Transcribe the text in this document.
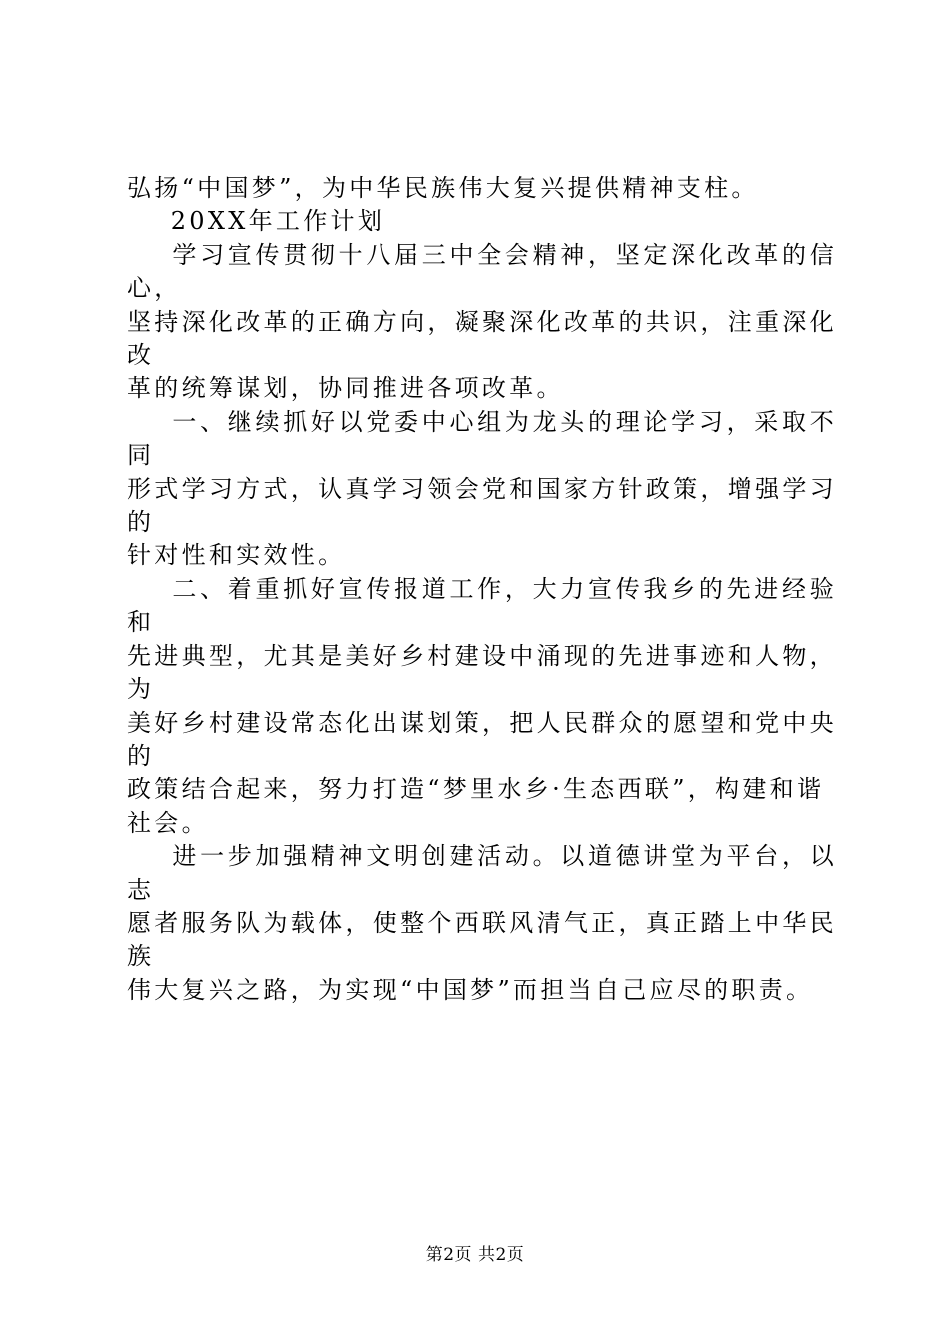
弘扬“中国梦”，为中华民族伟大复兴提供精神支柱。

20XX年工作计划

学习宣传贯彻十八届三中全会精神，坚定深化改革的信心，

坚持深化改革的正确方向，凝聚深化改革的共识，注重深化改

革的统筹谋划，协同推进各项改革。

一、继续抓好以党委中心组为龙头的理论学习，采取不同

形式学习方式，认真学习领会党和国家方针政策，增强学习的

针对性和实效性。

二、着重抓好宣传报道工作，大力宣传我乡的先进经验和

先进典型，尤其是美好乡村建设中涌现的先进事迹和人物，为

美好乡村建设常态化出谋划策，把人民群众的愿望和党中央的

政策结合起来，努力打造“梦里水乡·生态西联”，构建和谐

社会。

进一步加强精神文明创建活动。以道德讲堂为平台，以志

愿者服务队为载体，使整个西联风清气正，真正踏上中华民族

伟大复兴之路，为实现“中国梦”而担当自己应尽的职责。

第2页 共2页
